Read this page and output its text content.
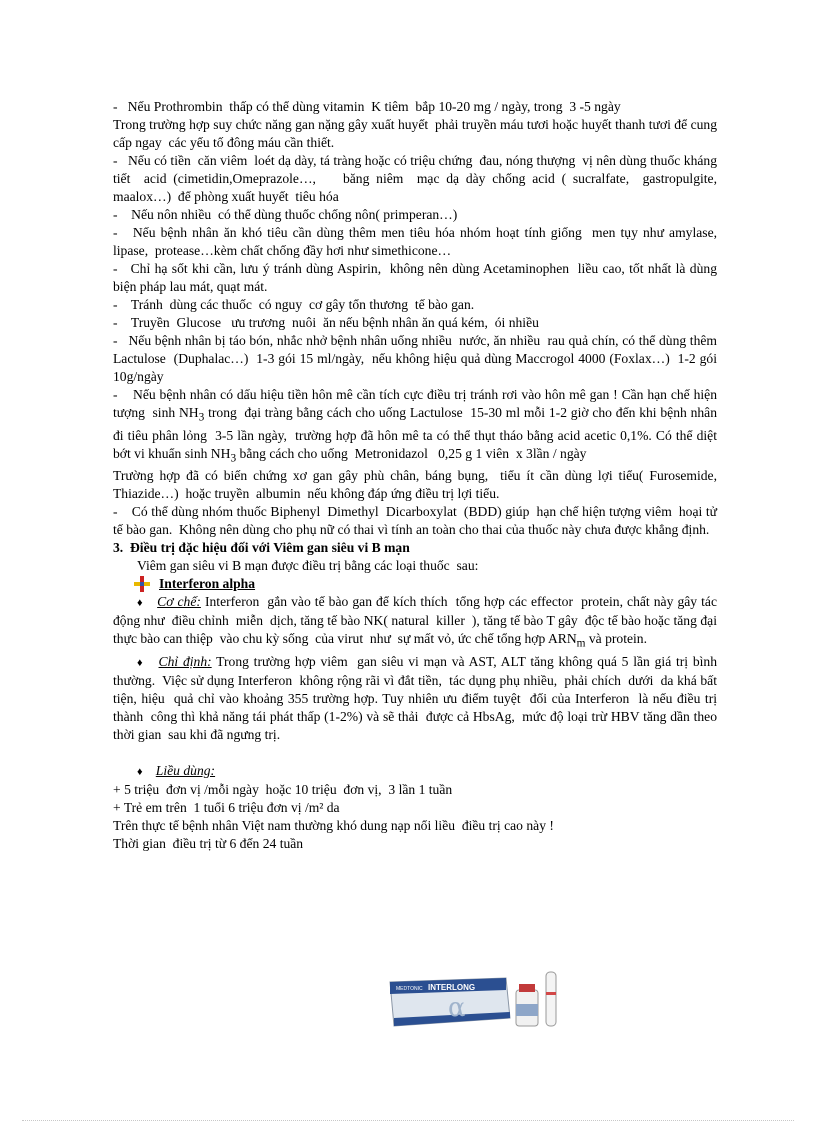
-   Nếu Prothrombin  thấp có thể dùng vitamin  K tiêm  bắp 10-20 mg / ngày, trong  3 -5 ngày
Trong trường hợp suy chức năng gan nặng gây xuất huyết  phải truyền máu tươi hoặc huyết thanh tươi để cung  cấp ngay  các yếu tố đông máu cần thiết.
-   Nếu có tiền  căn viêm  loét dạ dày, tá tràng hoặc có triệu chứng  đau, nóng thượng  vị nên dùng thuốc kháng tiết  acid (cimetidin,Omeprazole…,    băng niêm  mạc dạ dày chống acid ( sucralfate,  gastropulgite,  maalox…)  để phòng xuất huyết  tiêu hóa
-    Nếu nôn nhiều  có thể dùng thuốc chống nôn( primperan…)
-   Nếu bệnh nhân ăn khó tiêu cần dùng thêm men tiêu hóa nhóm hoạt tính giống  men tụy như amylase,  lipase,  protease…kèm chất chống đầy hơi như simethicone…
-   Chỉ hạ sốt khi cần, lưu ý tránh dùng Aspirin,  không nên dùng Acetaminophen  liều cao, tốt nhất là dùng biện pháp lau mát, quạt mát.
-    Tránh  dùng các thuốc  có nguy  cơ gây tổn thương  tế bào gan.
-    Truyền  Glucose   ưu trương  nuôi  ăn nếu bệnh nhân ăn quá kém,  ói nhiều
-   Nếu bệnh nhân bị táo bón, nhắc nhở bệnh nhân uống nhiều  nước, ăn nhiều  rau quả chín, có thể dùng thêm Lactulose  (Duphalac…)  1-3 gói 15 ml/ngày,  nếu không hiệu quả dùng Maccrogol 4000 (Foxlax…)  1-2 gói  10g/ngày
-    Nếu bệnh nhân có dấu hiệu tiền hôn mê cần tích cực điều trị tránh rơi vào hôn mê gan ! Cần hạn chế hiện tượng  $\sinh NH_3$ trong  đại tràng bằng cách cho uống Lactulose  15-30 ml mỗi 1-2 giờ cho đến khi bệnh nhân  đi tiêu phân lỏng  3-5 lần ngày,  trường hợp đã hôn mê ta có thể thụt tháo bằng acid acetic 0,1%. Có thể diệt bớt vi khuẩn $\sinh NH_3$ bằng cách cho uống  Metronidazol   0,25 g 1 viên  x 3lần / ngày
Trường hợp đã có biến chứng xơ gan gây phù chân, báng bụng,  tiểu ít cần dùng lợi tiểu( Furosemide,  Thiazide…)  hoặc truyền  albumin  nếu không đáp ứng điều trị lợi tiểu.
-    Có thể dùng nhóm thuốc Biphenyl  Dimethyl  Dicarboxylat  (BDD) giúp  hạn chế hiện tượng viêm  hoại tử tế bào gan.  Không nên dùng cho phụ nữ có thai vì tính an toàn cho thai của thuốc này chưa được khẳng định.
3.  Điều trị đặc hiệu đối với Viêm gan siêu vi B mạn
Viêm gan siêu vi B mạn được điều trị bằng các loại thuốc  sau:
Interferon alpha
♦ Cơ chế: Interferon  gắn vào tế bào gan để kích thích  tổng hợp các effector  protein, chất này gây tác động như  điều chỉnh  miễn  dịch, tăng tế bào NK( natural  killer  ), tăng tế bào T gây  độc tế bào hoặc tăng đại thực bào can thiệp  vào chu kỳ sống  của virut  như  sự mất vỏ, ức chế tổng hợp $ARN_m$ và protein.
♦ Chỉ định: Trong trường hợp viêm  gan siêu vi mạn và AST, ALT tăng không quá 5 lần giá trị bình thường.  Việc sử dụng Interferon  không rộng rãi vì đắt tiền,  tác dụng phụ nhiều,  phải chích  dưới  da khá bất tiện, hiệu  quả chỉ vào khoảng 355 trường hợp. Tuy nhiên ưu điểm tuyệt  đối của Interferon  là nếu điều trị thành  công thì khả năng tái phát thấp (1-2%) và sẽ thải  được cả HbsAg,  mức độ loại trừ HBV tăng dần theo thời gian  sau khi đã ngưng trị.
♦ Liều dùng:
+ 5 triệu  đơn vị /mỗi ngày  hoặc 10 triệu  đơn vị,  3 lần 1 tuần
+ Trẻ em trên  1 tuổi 6 triệu đơn vị /m² da
Trên thực tế bệnh nhân Việt nam thường khó dung nạp nổi liều  điều trị cao này !
Thời gian  điều trị từ 6 đến 24 tuần
INTERLONG
MEDTONIC
α
